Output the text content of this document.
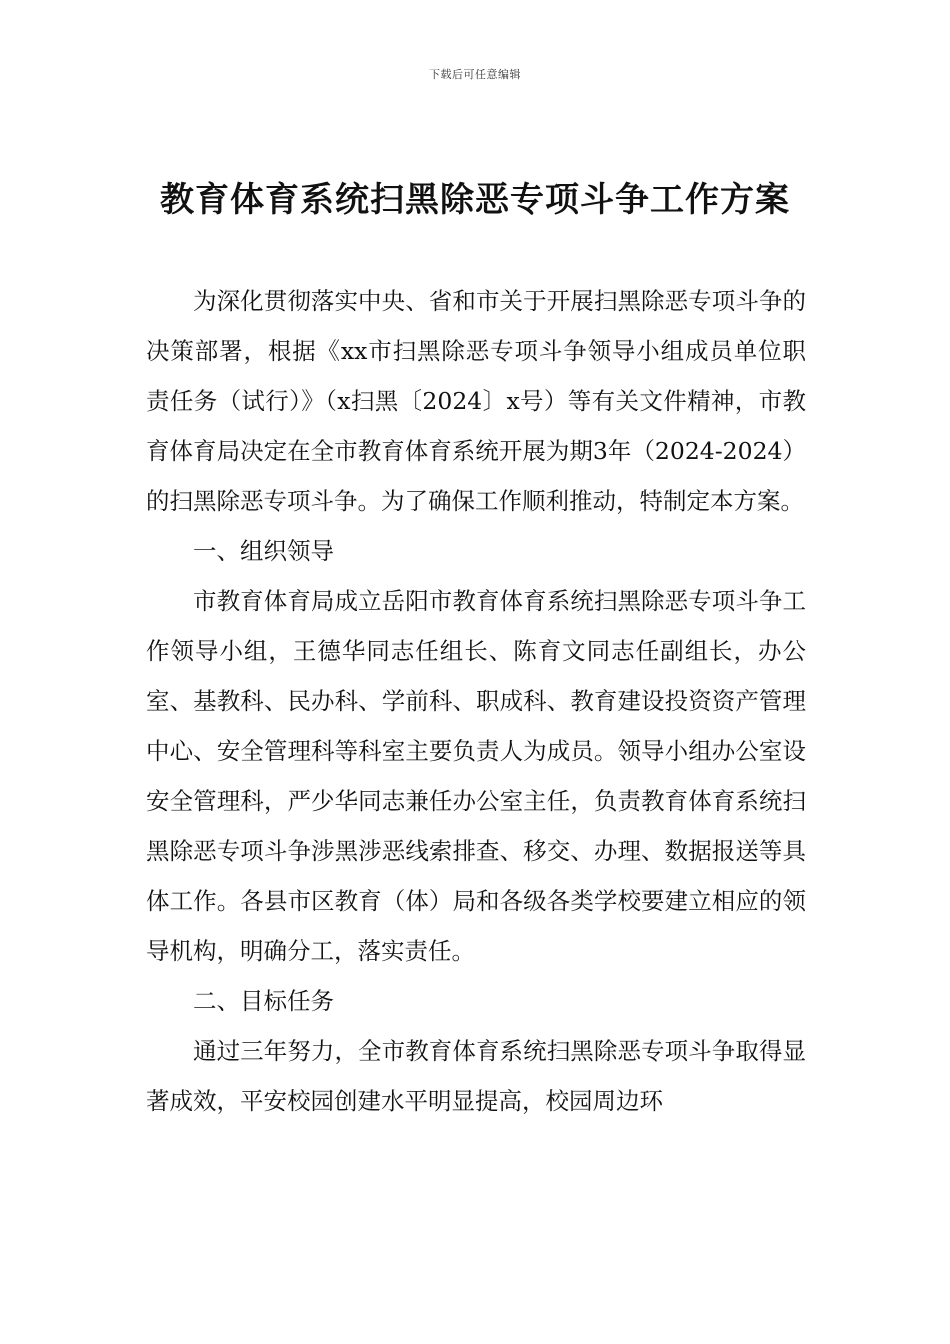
下载后可任意编辑
教育体育系统扫黑除恶专项斗争工作方案

为深化贯彻落实中央、省和市关于开展扫黑除恶专项斗争的决策部署，根据《xx市扫黑除恶专项斗争领导小组成员单位职责任务（试行）》（x扫黑〔2024〕x号）等有关文件精神，市教育体育局决定在全市教育体育系统开展为期3年（2024-2024）的扫黑除恶专项斗争。为了确保工作顺利推动，特制定本方案。

一、组织领导

市教育体育局成立岳阳市教育体育系统扫黑除恶专项斗争工作领导小组，王德华同志任组长、陈育文同志任副组长，办公室、基教科、民办科、学前科、职成科、教育建设投资资产管理中心、安全管理科等科室主要负责人为成员。领导小组办公室设安全管理科，严少华同志兼任办公室主任，负责教育体育系统扫黑除恶专项斗争涉黑涉恶线索排查、移交、办理、数据报送等具体工作。各县市区教育（体）局和各级各类学校要建立相应的领导机构，明确分工，落实责任。

二、目标任务

通过三年努力，全市教育体育系统扫黑除恶专项斗争取得显著成效，平安校园创建水平明显提高，校园周边环
